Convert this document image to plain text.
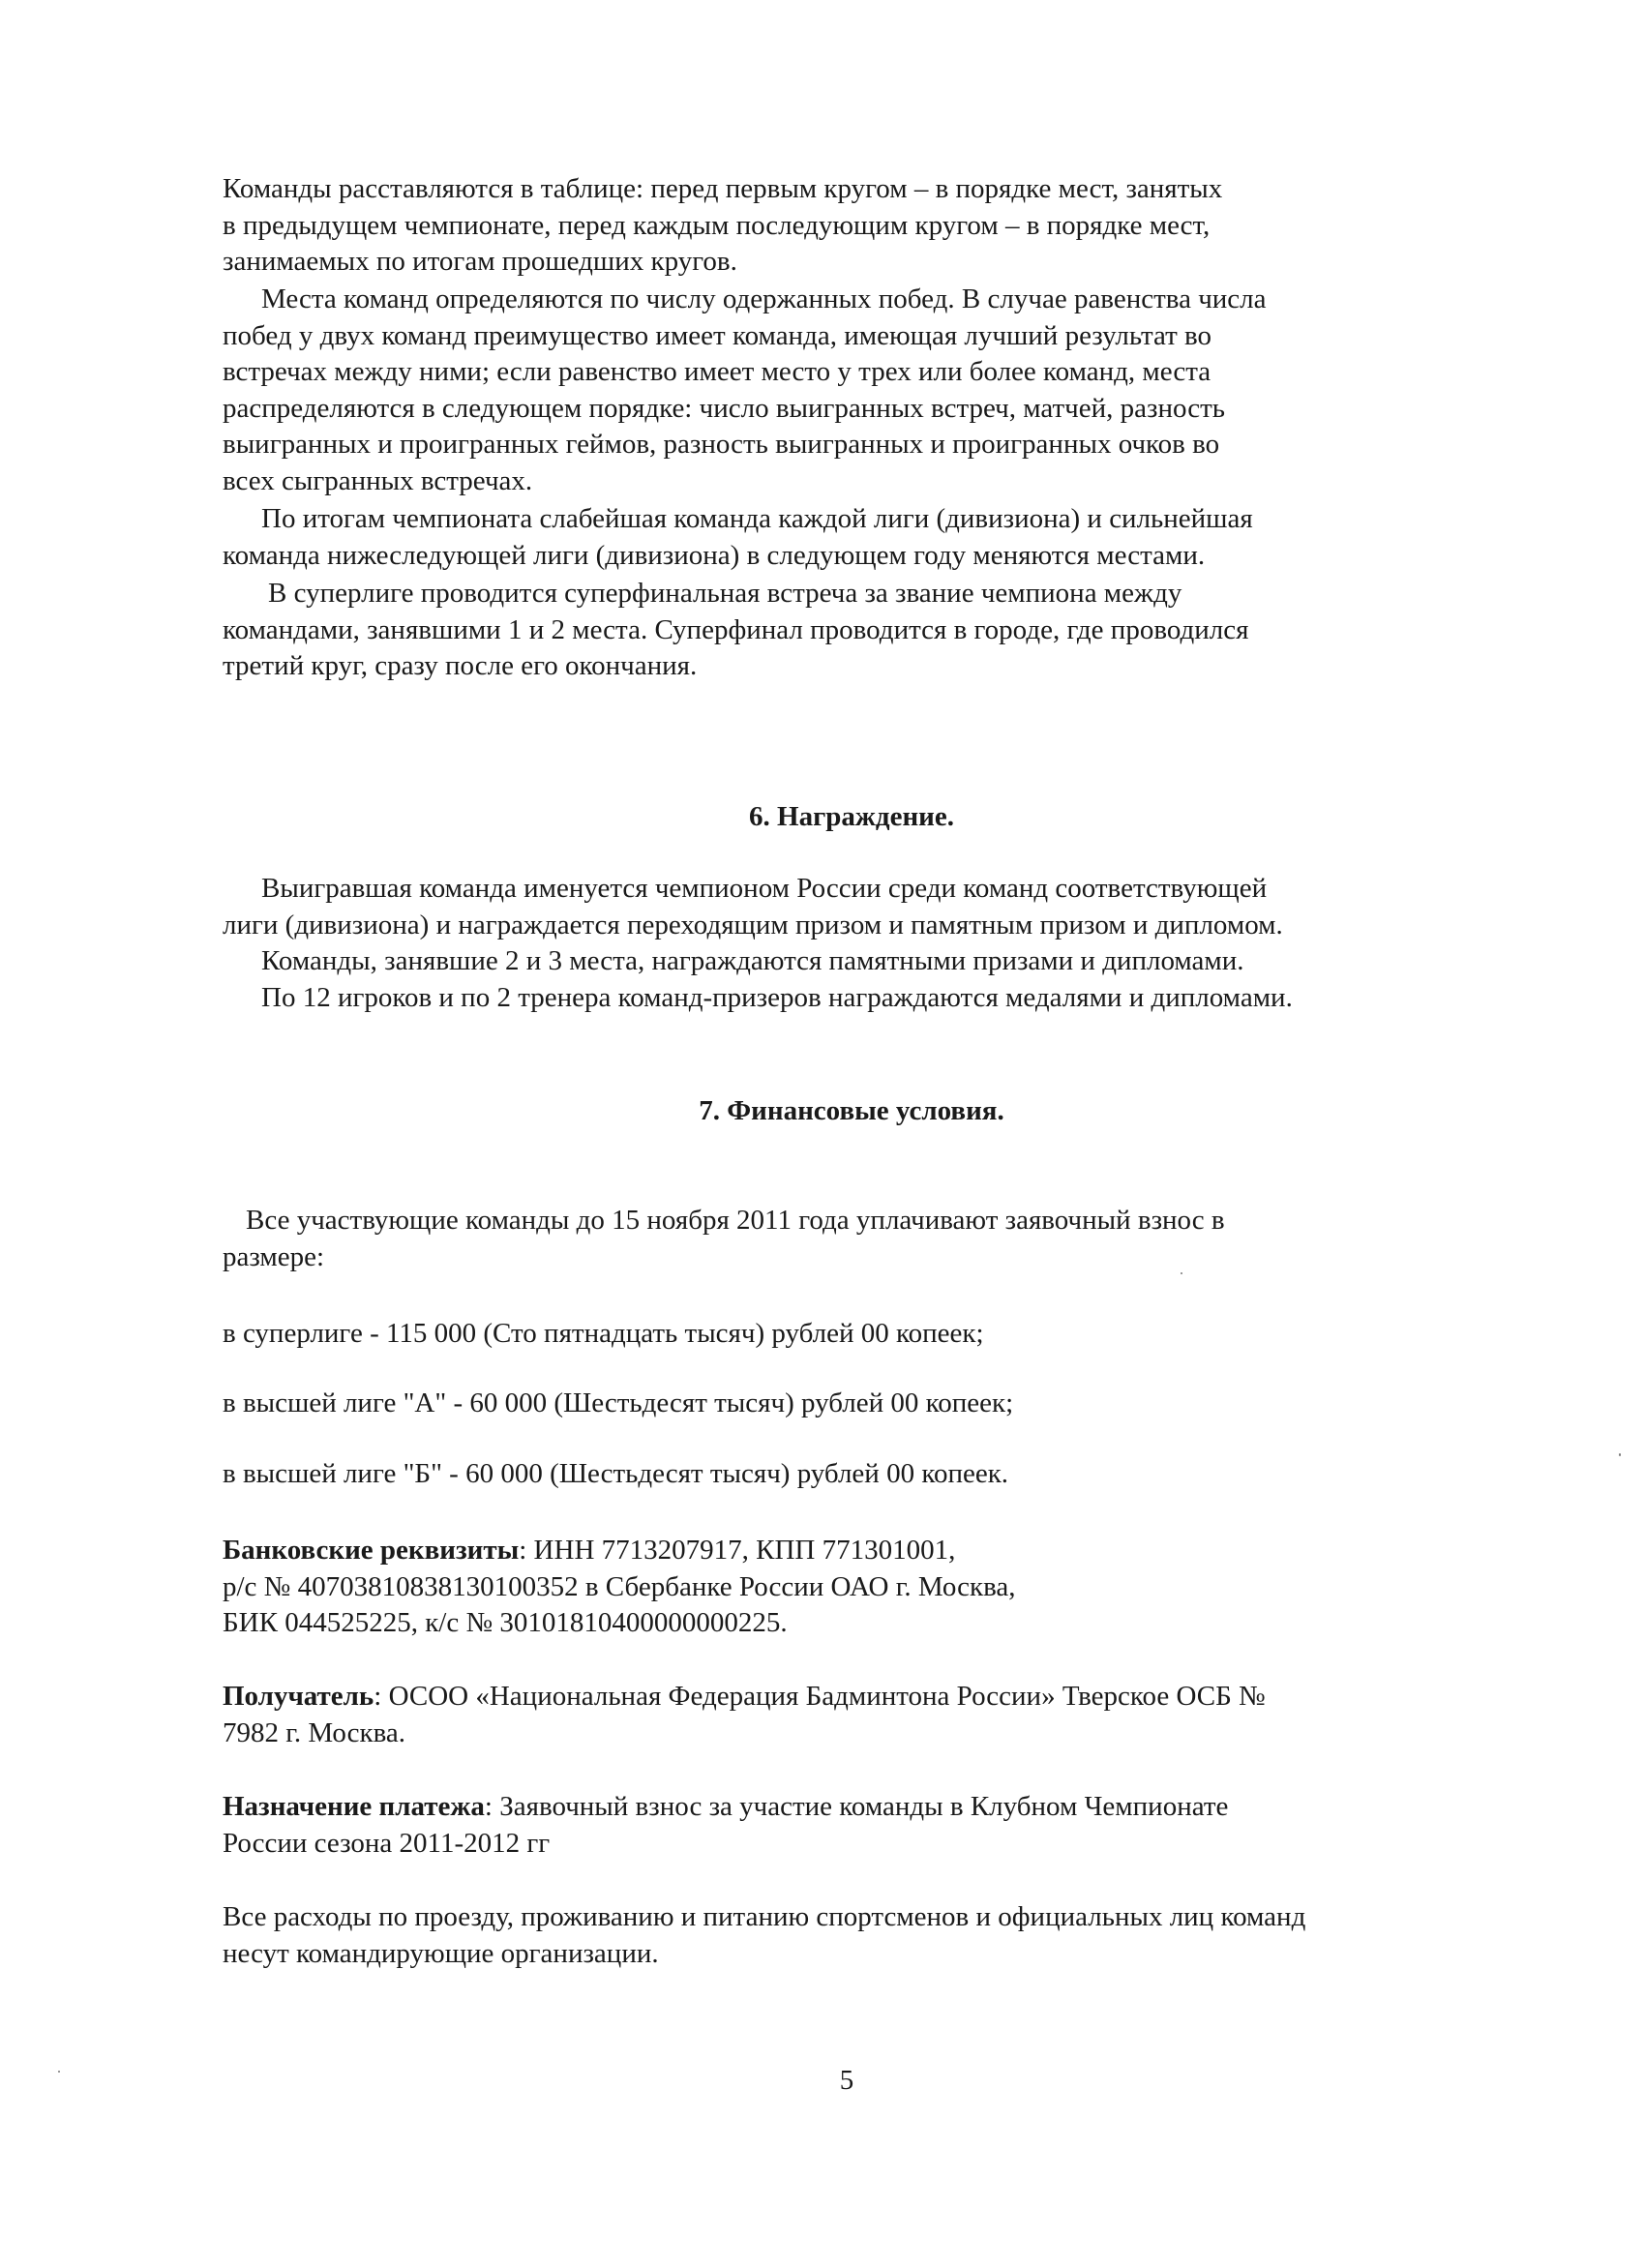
Команды расставляются в таблице: перед первым кругом – в порядке мест, занятых

в предыдущем чемпионате, перед каждым последующим кругом – в порядке мест,

занимаемых по итогам прошедших кругов.

Места команд определяются по числу одержанных побед. В случае равенства числа

побед у двух команд преимущество имеет команда, имеющая лучший результат во

встречах между ними; если равенство имеет место у трех или более команд, места

распределяются в следующем порядке: число выигранных встреч, матчей, разность

выигранных и проигранных геймов, разность выигранных и проигранных очков во

всех сыгранных встречах.

По итогам чемпионата слабейшая команда каждой лиги (дивизиона) и сильнейшая

команда нижеследующей лиги (дивизиона) в следующем году меняются местами.

В суперлиге проводится суперфинальная встреча за звание чемпиона между

командами, занявшими 1 и 2 места. Суперфинал проводится в городе, где проводился

третий круг, сразу после его окончания.

6. Награждение.

Выигравшая команда именуется чемпионом России среди команд соответствующей

лиги (дивизиона) и награждается переходящим призом и памятным призом и дипломом.

Команды, занявшие 2 и 3 места, награждаются памятными призами и дипломами.

По 12 игроков и по 2 тренера команд-призеров награждаются медалями и дипломами.

7. Финансовые условия.

Все участвующие команды до 15 ноября 2011 года уплачивают заявочный взнос в

размере:

в суперлиге - 115 000 (Сто пятнадцать тысяч) рублей 00 копеек;

в высшей лиге "А" - 60 000 (Шестьдесят тысяч) рублей 00 копеек;

в высшей лиге "Б" - 60 000 (Шестьдесят тысяч) рублей 00 копеек.

Банковские реквизиты: ИНН 7713207917, КПП 771301001,

р/с № 40703810838130100352 в Сбербанке России ОАО г. Москва,

БИК 044525225, к/с № 30101810400000000225.

Получатель: ОСОО «Национальная Федерация Бадминтона России» Тверское ОСБ №

7982 г. Москва.

Назначение платежа: Заявочный взнос за участие команды в Клубном Чемпионате

России сезона 2011-2012 гг

Все расходы по проезду, проживанию и питанию спортсменов и официальных лиц команд

несут командирующие организации.

5
